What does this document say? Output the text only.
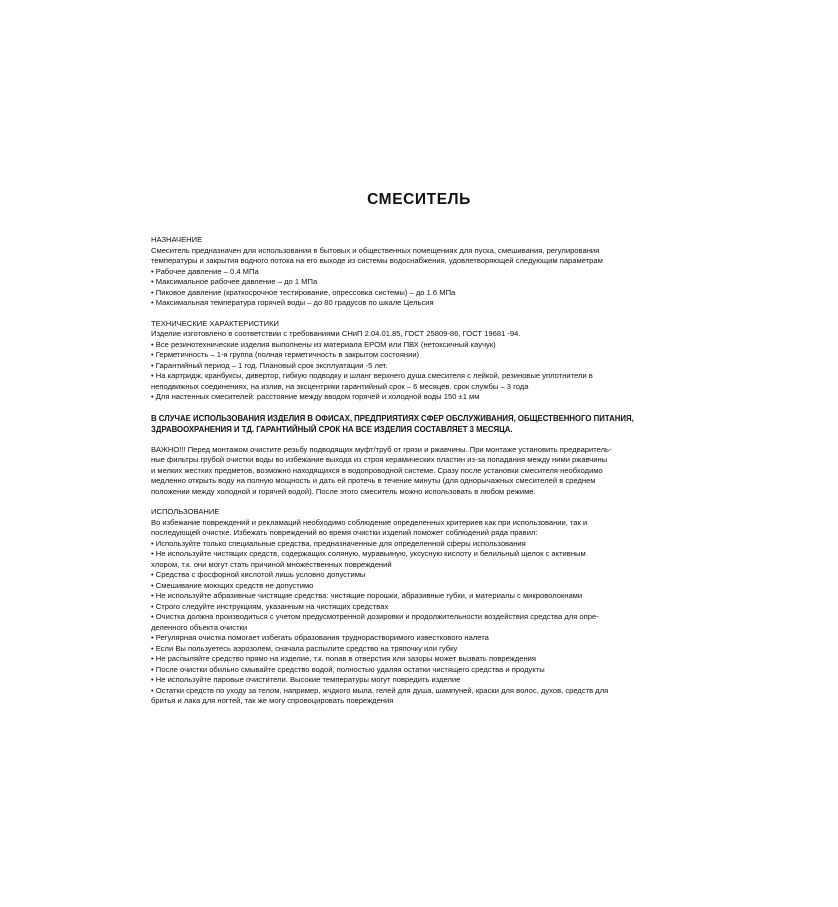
СМЕСИТЕЛЬ

НАЗНАЧЕНИЕ

Смеситель предназначен для использования в бытовых и общественных помещениях для пуска, смешивания, регулирования

температуры и закрытия водного потока на его выходе из системы водоснабжения, удовлетворяющей следующим параметрам

• Рабочее давление – 0.4 МПа

• Максимальное рабочее давление – до 1 МПа

• Пиковое давление (краткосрочное тестирование, опрессовка системы) – до 1.6 МПа

• Максимальная температура горячей воды – до 80 градусов по шкале Цельсия

ТЕХНИЧЕСКИЕ ХАРАКТЕРИСТИКИ

Изделие изготовлено в соответствии с требованиями СНиП 2.04.01.85, ГОСТ 25809-86, ГОСТ 19681 -94.

• Все резинотехнические изделия выполнены из материала EPOM или ПВХ (нетоксичный каучук)

• Герметичность – 1-я группа (полная герметичность в закрытом состоянии)

• Гарантийный период – 1 год. Плановый срок эксплуатации -5 лет.

• На картридж, кранбуксы, дивертор, гибкую подводку и шланг верхнего душа смесителя с лейкой, резиновые уплотнители в

неподвижных соединениях, на излив, на эксцентрики гарантийный срок – 6 месяцев. срок службы – 3 года

• Для настенных смесителей: расстояние между вводом горячей и холодной воды 150 ±1 мм

В СЛУЧАЕ ИСПОЛЬЗОВАНИЯ ИЗДЕЛИЯ В ОФИСАХ, ПРЕДПРИЯТИЯХ СФЕР ОБСЛУЖИВАНИЯ, ОБЩЕСТВЕННОГО ПИТАНИЯ,

ЗДРАВООХРАНЕНИЯ И ТД. ГАРАНТИЙНЫЙ СРОК НА ВСЕ ИЗДЕЛИЯ СОСТАВЛЯЕТ 3 МЕСЯЦА.

ВАЖНО!!! Перед монтажом очистите резьбу подводящих муфт/труб от грязи и ржавчины. При монтаже установить предваритель-

ные фильтры грубой очистки воды во избежание выхода из строя керамических пластин из-за попадания между ними ржавчины

и мелких жестких предметов, возможно находящихся в водопроводной системе. Сразу после установки смесителя необходимо

медленно открыть воду на полную мощность и дать ей протечь в течение минуты (для однорычажных смесителей в среднем

положении между холодной и горячей водой). После этого смеситель можно использовать в любом режиме.

ИСПОЛЬЗОВАНИЕ

Во избежание повреждений и рекламаций необходимо соблюдение определенных критериев как при использовании, так и

последующей очистке. Избежать повреждений во время очистки изделий поможет соблюдений ряда правил:

• Используйте только специальные средства, предназначенные для определенной сферы использования

• Не используйте чистящих средств, содержащих соляную, муравьиную, уксусную кислоту и белильный щелок с активным

хлором, т.к. они могут стать причиной множественных повреждений

• Средства с фосфорной кислотой лишь условно допустимы

• Смешивание моющих средств не допустимо

• Не используйте абразивные чистящие средства: чистящие порошки, абразивные губки, и материалы с микроволокнами

• Строго следуйте инструкциям, указанным на чистящих средствах

• Очистка должна производиться с учетом предусмотренной дозировки и продолжительности воздействия средства для опре-

деленного объекта очистки

• Регулярная очистка помогает избегать образования труднорастворимого известкового налета

• Если Вы пользуетесь аэрозолем, сначала распылите средство на тряпочку или губку

• Не распыляйте средство прямо на изделие, т.к. попав в отверстия или зазоры может вызвать повреждения

• После очистки обильно смывайте средство водой, полностью удаляя остатки чистящего средства и продукты

• Не используйте паровые очистители. Высокие температуры могут повредить изделие

• Остатки средств по уходу за телом, например, жчдкого мыла, гелей для душа, шампуней, краски для волос, духов, средств для

бритья и лака для ногтей, так же могу спровоцировать повреждения
